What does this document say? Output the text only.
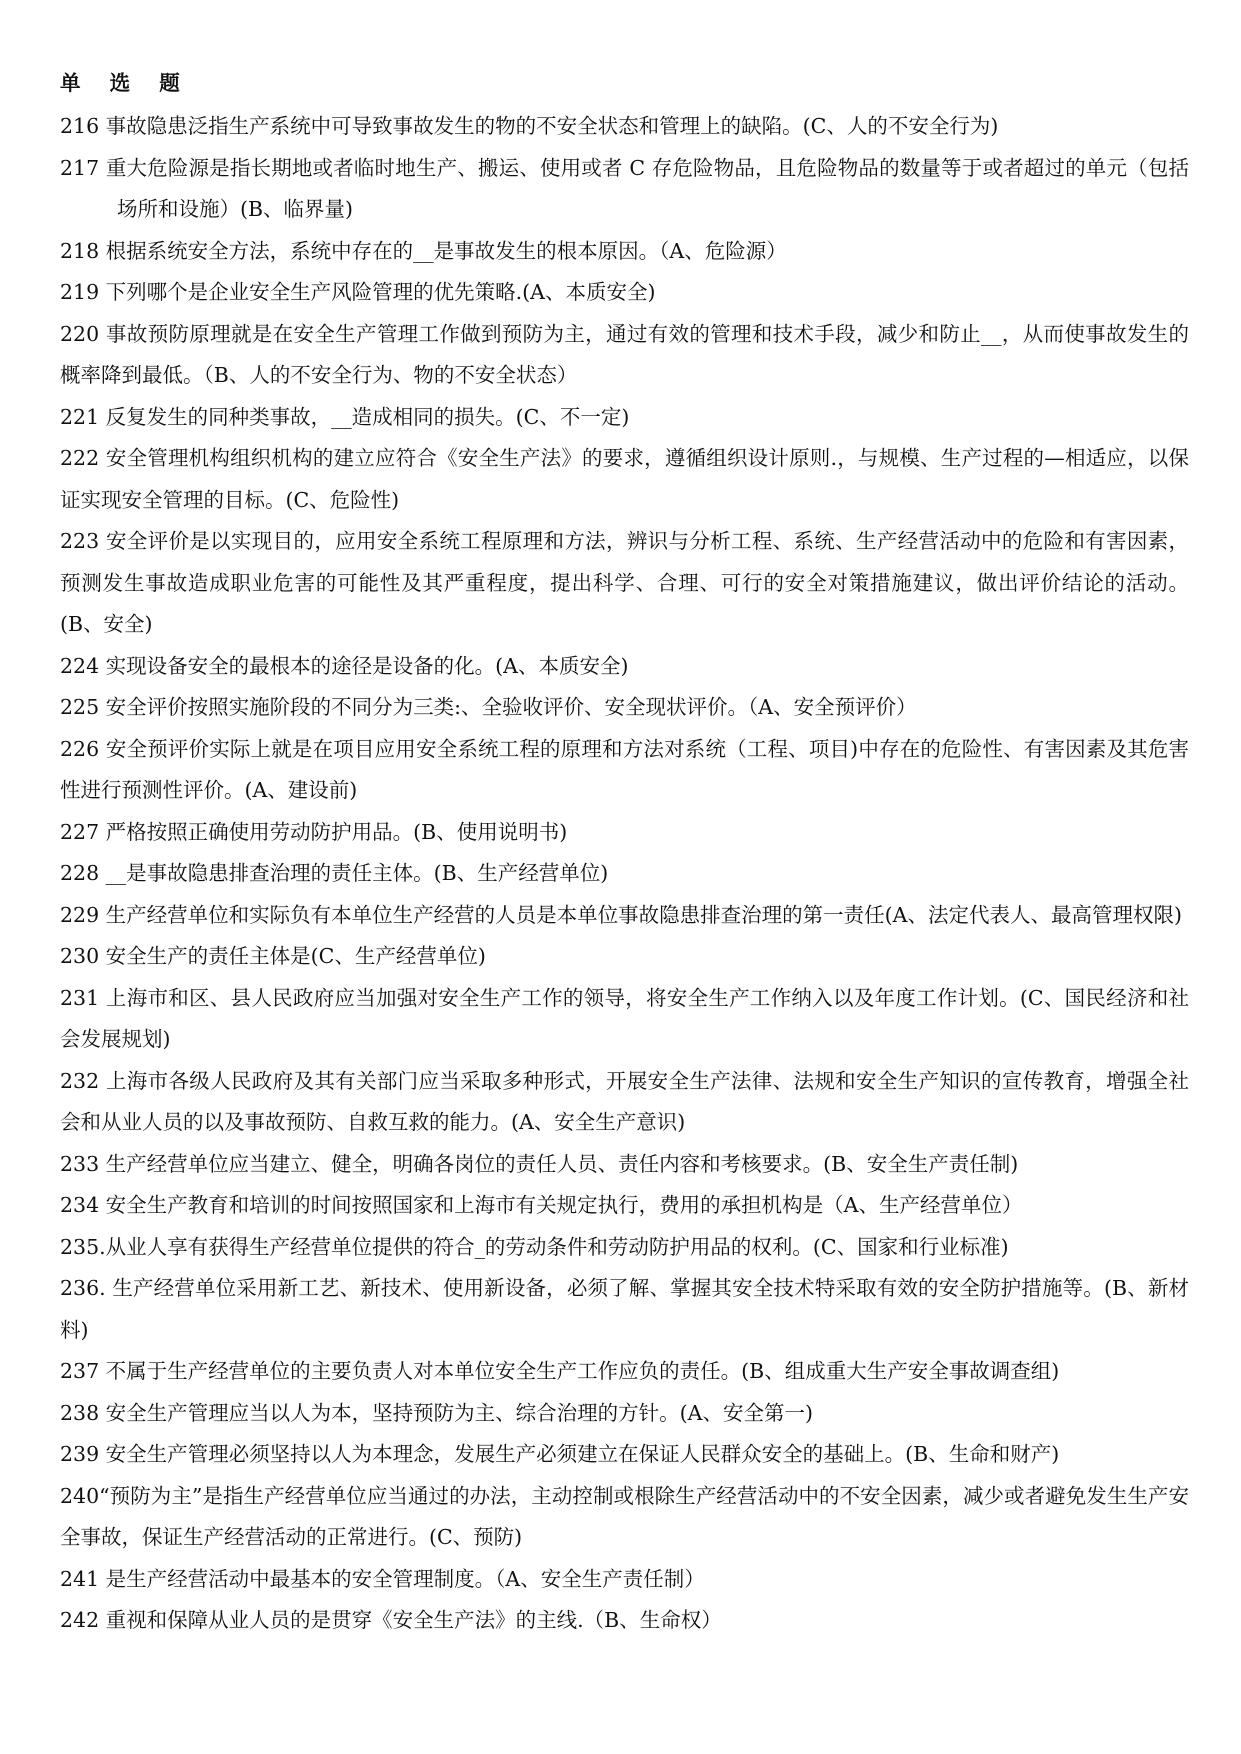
单 选 题
216 事故隐患泛指生产系统中可导致事故发生的物的不安全状态和管理上的缺陷。(C、人的不安全行为)
217 重大危险源是指长期地或者临时地生产、搬运、使用或者 C 存危险物品，且危险物品的数量等于或者超过的单元（包括场所和设施）(B、临界量)
218 根据系统安全方法，系统中存在的__是事故发生的根本原因。（A、危险源）
219 下列哪个是企业安全生产风险管理的优先策略.(A、本质安全)
220 事故预防原理就是在安全生产管理工作做到预防为主，通过有效的管理和技术手段，减少和防止__，从而使事故发生的概率降到最低。（B、人的不安全行为、物的不安全状态）
221 反复发生的同种类事故，__造成相同的损失。(C、不一定)
222 安全管理机构组织机构的建立应符合《安全生产法》的要求，遵循组织设计原则.，与规模、生产过程的—相适应，以保证实现安全管理的目标。(C、危险性)
223 安全评价是以实现目的，应用安全系统工程原理和方法，辨识与分析工程、系统、生产经营活动中的危险和有害因素，预测发生事故造成职业危害的可能性及其严重程度，提出科学、合理、可行的安全对策措施建议，做出评价结论的活动。(B、安全)
224 实现设备安全的最根本的途径是设备的化。(A、本质安全)
225 安全评价按照实施阶段的不同分为三类:、全验收评价、安全现状评价。（A、安全预评价）
226 安全预评价实际上就是在项目应用安全系统工程的原理和方法对系统（工程、项目)中存在的危险性、有害因素及其危害性进行预测性评价。(A、建设前)
227 严格按照正确使用劳动防护用品。(B、使用说明书)
228 __是事故隐患排查治理的责任主体。(B、生产经营单位)
229 生产经营单位和实际负有本单位生产经营的人员是本单位事故隐患排查治理的第一责任(A、法定代表人、最高管理权限)
230 安全生产的责任主体是(C、生产经营单位)
231 上海市和区、县人民政府应当加强对安全生产工作的领导，将安全生产工作纳入以及年度工作计划。(C、国民经济和社会发展规划)
232 上海市各级人民政府及其有关部门应当采取多种形式，开展安全生产法律、法规和安全生产知识的宣传教育，增强全社会和从业人员的以及事故预防、自救互救的能力。(A、安全生产意识)
233 生产经营单位应当建立、健全，明确各岗位的责任人员、责任内容和考核要求。(B、安全生产责任制)
234 安全生产教育和培训的时间按照国家和上海市有关规定执行，费用的承担机构是（A、生产经营单位）
235.从业人享有获得生产经营单位提供的符合_的劳动条件和劳动防护用品的权利。(C、国家和行业标准)
236. 生产经营单位采用新工艺、新技术、使用新设备，必须了解、掌握其安全技术特采取有效的安全防护措施等。(B、新材料)
237 不属于生产经营单位的主要负责人对本单位安全生产工作应负的责任。(B、组成重大生产安全事故调查组)
238 安全生产管理应当以人为本，坚持预防为主、综合治理的方针。(A、安全第一)
239 安全生产管理必须坚持以人为本理念，发展生产必须建立在保证人民群众安全的基础上。(B、生命和财产)
240“预防为主”是指生产经营单位应当通过的办法，主动控制或根除生产经营活动中的不安全因素，减少或者避免发生生产安全事故，保证生产经营活动的正常进行。(C、预防)
241 是生产经营活动中最基本的安全管理制度。（A、安全生产责任制）
242 重视和保障从业人员的是贯穿《安全生产法》的主线.（B、生命权）
